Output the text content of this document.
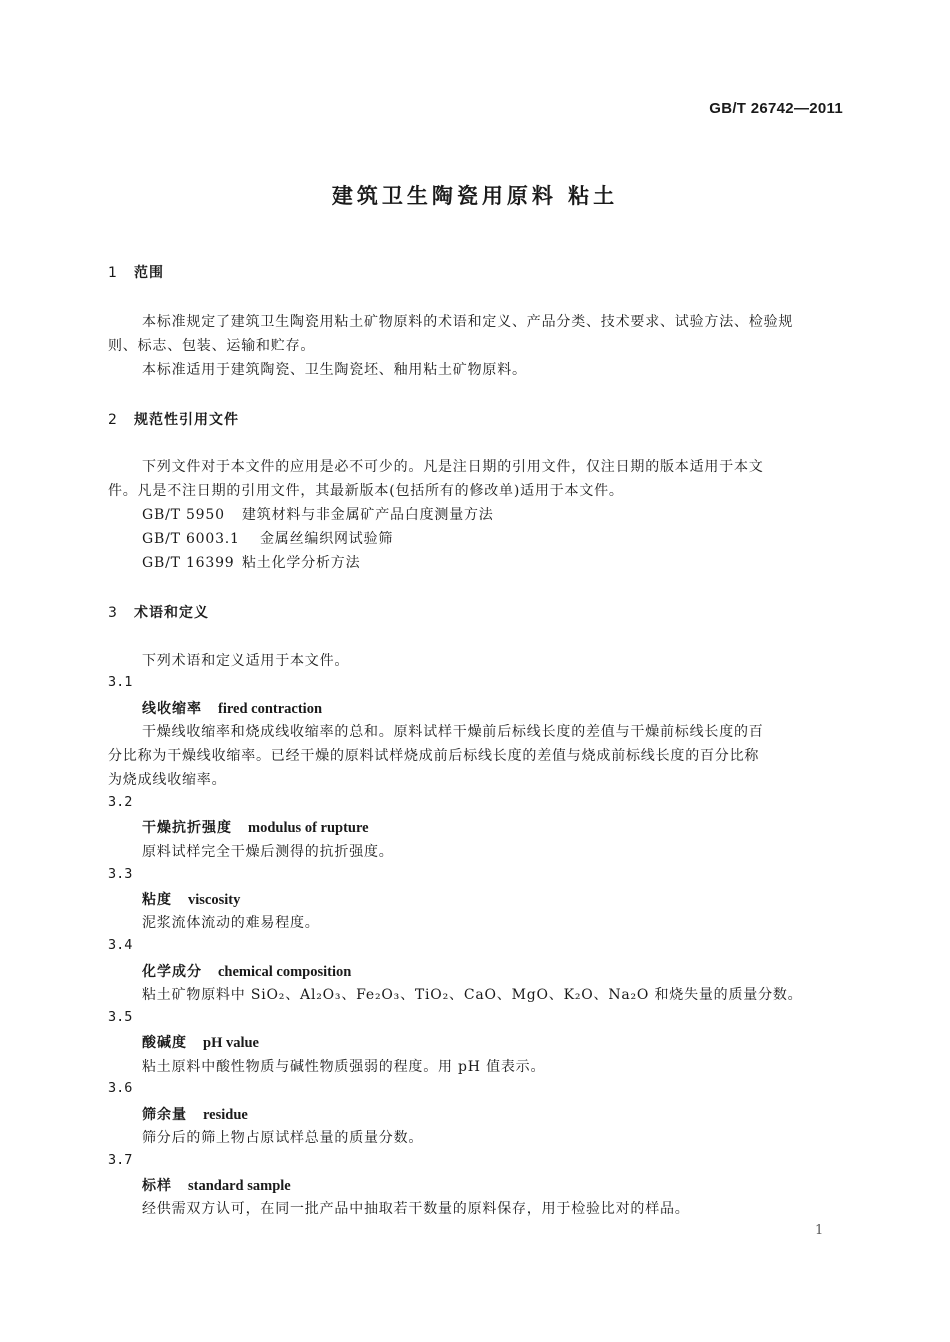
GB/T 26742—2011
建筑卫生陶瓷用原料 粘土
1 范围
本标准规定了建筑卫生陶瓷用粘土矿物原料的术语和定义、产品分类、技术要求、试验方法、检验规
则、标志、包装、运输和贮存。
本标准适用于建筑陶瓷、卫生陶瓷坯、釉用粘土矿物原料。
2 规范性引用文件
下列文件对于本文件的应用是必不可少的。凡是注日期的引用文件，仅注日期的版本适用于本文
件。凡是不注日期的引用文件，其最新版本(包括所有的修改单)适用于本文件。
GB/T 5950 建筑材料与非金属矿产品白度测量方法
GB/T 6003.1 金属丝编织网试验筛
GB/T 16399 粘土化学分析方法
3 术语和定义
下列术语和定义适用于本文件。
3.1
线收缩率 fired contraction
干燥线收缩率和烧成线收缩率的总和。原料试样干燥前后标线长度的差值与干燥前标线长度的百
分比称为干燥线收缩率。已经干燥的原料试样烧成前后标线长度的差值与烧成前标线长度的百分比称
为烧成线收缩率。
3.2
干燥抗折强度 modulus of rupture
原料试样完全干燥后测得的抗折强度。
3.3
粘度 viscosity
泥浆流体流动的难易程度。
3.4
化学成分 chemical composition
粘土矿物原料中 SiO₂、Al₂O₃、Fe₂O₃、TiO₂、CaO、MgO、K₂O、Na₂O 和烧失量的质量分数。
3.5
酸碱度 pH value
粘土原料中酸性物质与碱性物质强弱的程度。用 pH 值表示。
3.6
筛余量 residue
筛分后的筛上物占原试样总量的质量分数。
3.7
标样 standard sample
经供需双方认可，在同一批产品中抽取若干数量的原料保存，用于检验比对的样品。
1
